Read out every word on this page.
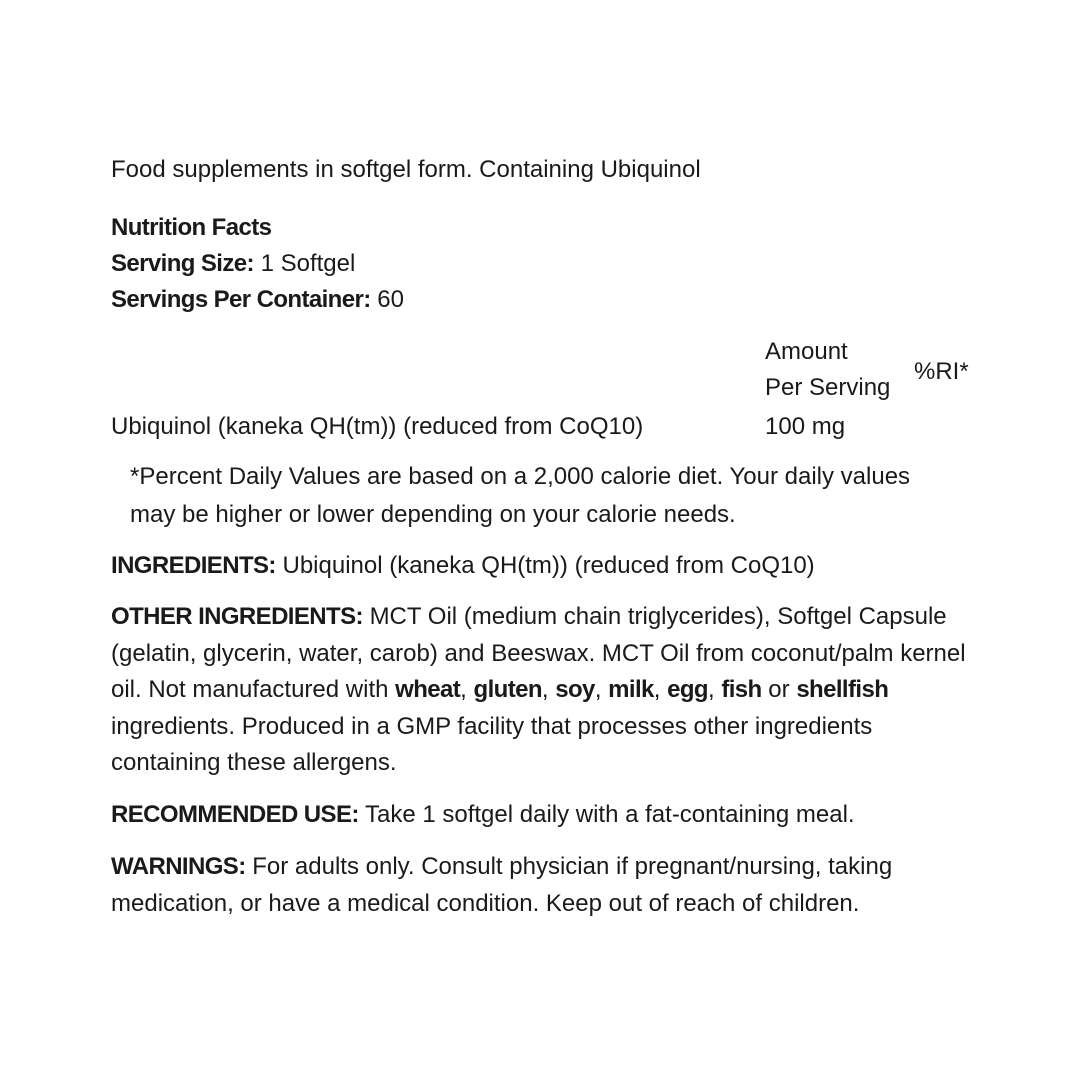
Food supplements in softgel form. Containing Ubiquinol
Nutrition Facts
Serving Size: 1 Softgel
Servings Per Container: 60
Amount
Per Serving
%RI*
Ubiquinol (kaneka QH(tm)) (reduced from CoQ10)	100 mg
*Percent Daily Values are based on a 2,000 calorie diet. Your daily values
may be higher or lower depending on your calorie needs.
INGREDIENTS: Ubiquinol (kaneka QH(tm)) (reduced from CoQ10)
OTHER INGREDIENTS: MCT Oil (medium chain triglycerides), Softgel Capsule (gelatin, glycerin, water, carob) and Beeswax. MCT Oil from coconut/palm kernel oil. Not manufactured with wheat, gluten, soy, milk, egg, fish or shellfish ingredients. Produced in a GMP facility that processes other ingredients containing these allergens.
RECOMMENDED USE: Take 1 softgel daily with a fat-containing meal.
WARNINGS: For adults only. Consult physician if pregnant/nursing, taking medication, or have a medical condition. Keep out of reach of children.
